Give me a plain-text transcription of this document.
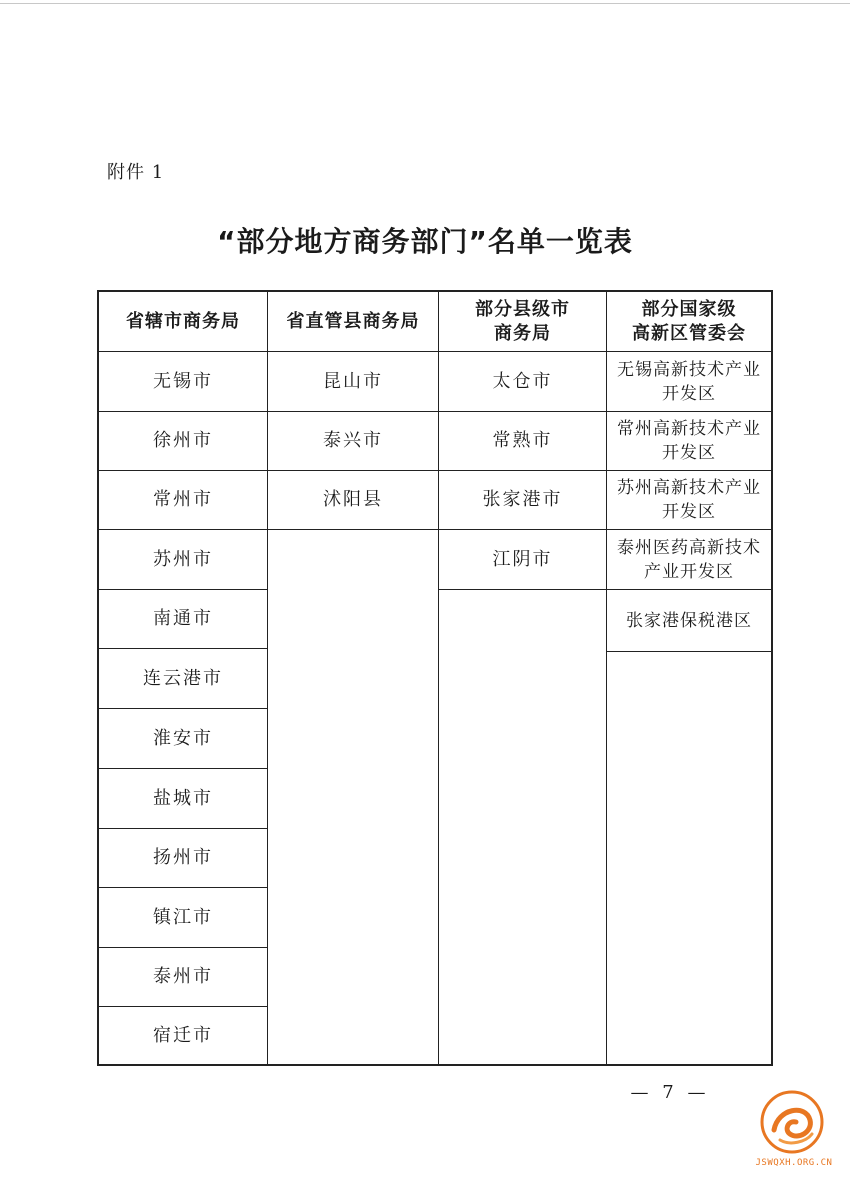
附件 1
“部分地方商务部门”名单一览表
省辖市商务局
无锡市
徐州市
常州市
苏州市
南通市
连云港市
淮安市
盐城市
扬州市
镇江市
泰州市
宿迁市
省直管县商务局
昆山市
泰兴市
沭阳县
部分县级市
商务局
太仓市
常熟市
张家港市
江阴市
部分国家级
高新区管委会
无锡高新技术产业开发区
常州高新技术产业开发区
苏州高新技术产业开发区
泰州医药高新技术产业开发区
张家港保税港区
— 7 —
JSWQXH.ORG.CN
